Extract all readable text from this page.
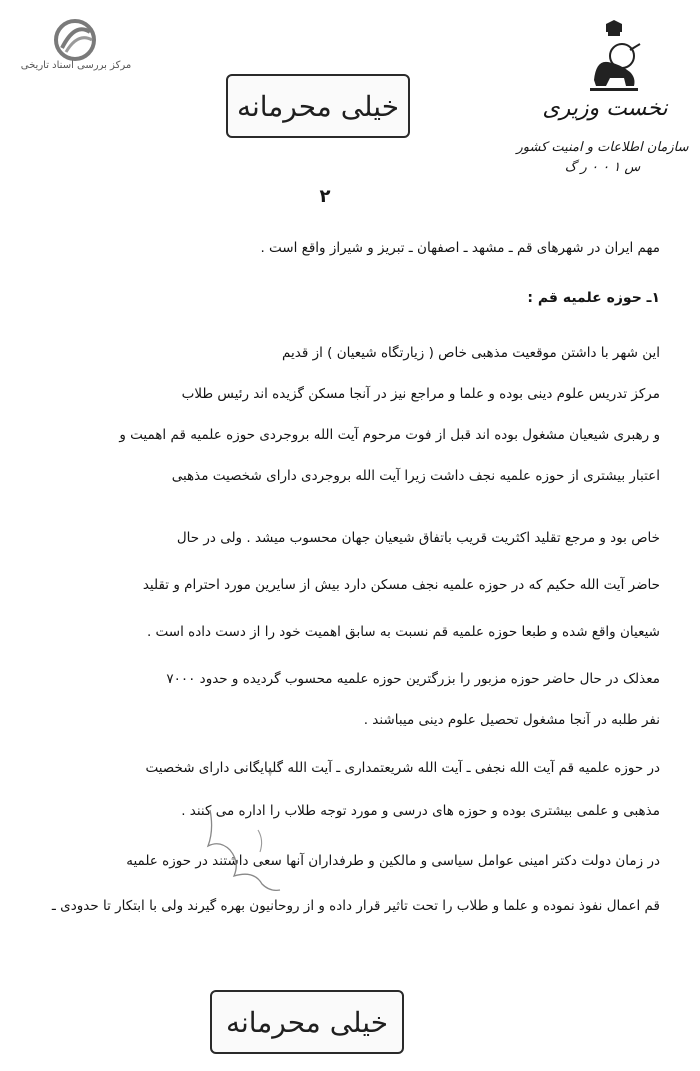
مرکز بررسی اسناد تاریخی
خیلی محرمانه	نخست وزیری
سازمان اطلاعات و امنیت کشور
س ۱ ۰ ۰ ر گ
۲
مهم ایران در شهرهای قم ـ مشهد ـ اصفهان ـ تبریز و شیراز واقع است .
۱ـ حوزه علمیه قم :
این شهر با داشتن موقعیت مذهبی خاص ( زیارتگاه شیعیان ) از قدیم
مرکز تدریس علوم دینی بوده و علما و مراجع نیز در آنجا مسکن گزیده اند رئیس طلاب
و رهبری شیعیان مشغول بوده اند قبل از فوت مرحوم آیت الله بروجردی حوزه علمیه قم اهمیت و
اعتبار بیشتری از حوزه علمیه نجف داشت زیرا آیت الله بروجردی دارای شخصیت مذهبی
خاص بود و مرجع تقلید اکثریت قریب باتفاق شیعیان جهان محسوب میشد . ولی در حال
حاضر آیت الله حکیم که در حوزه علمیه نجف مسکن دارد بیش از سایرین مورد احترام و تقلید
شیعیان واقع شده و طبعا حوزه علمیه قم نسبت به سابق اهمیت خود را از دست داده است .
معذلک در حال حاضر حوزه مزبور را بزرگترین حوزه علمیه محسوب گردیده و حدود ۷۰۰۰
نفر طلبه در آنجا مشغول تحصیل علوم دینی میباشند .
در حوزه علمیه قم آیت الله نجفی ـ آیت الله شریعتمداری ـ آیت الله گلپایگانی دارای شخصیت
مذهبی و علمی بیشتری بوده و حوزه های درسی و مورد توجه طلاب را اداره می کنند .
در زمان دولت دکتر امینی عوامل سیاسی و مالکین و طرفداران آنها سعی داشتند در حوزه علمیه
قم اعمال نفوذ نموده و علما و طلاب را تحت تاثیر قرار داده و از روحانیون بهره گیرند ولی با ابتکار تا حدودی ـ
خیلی محرمانه
